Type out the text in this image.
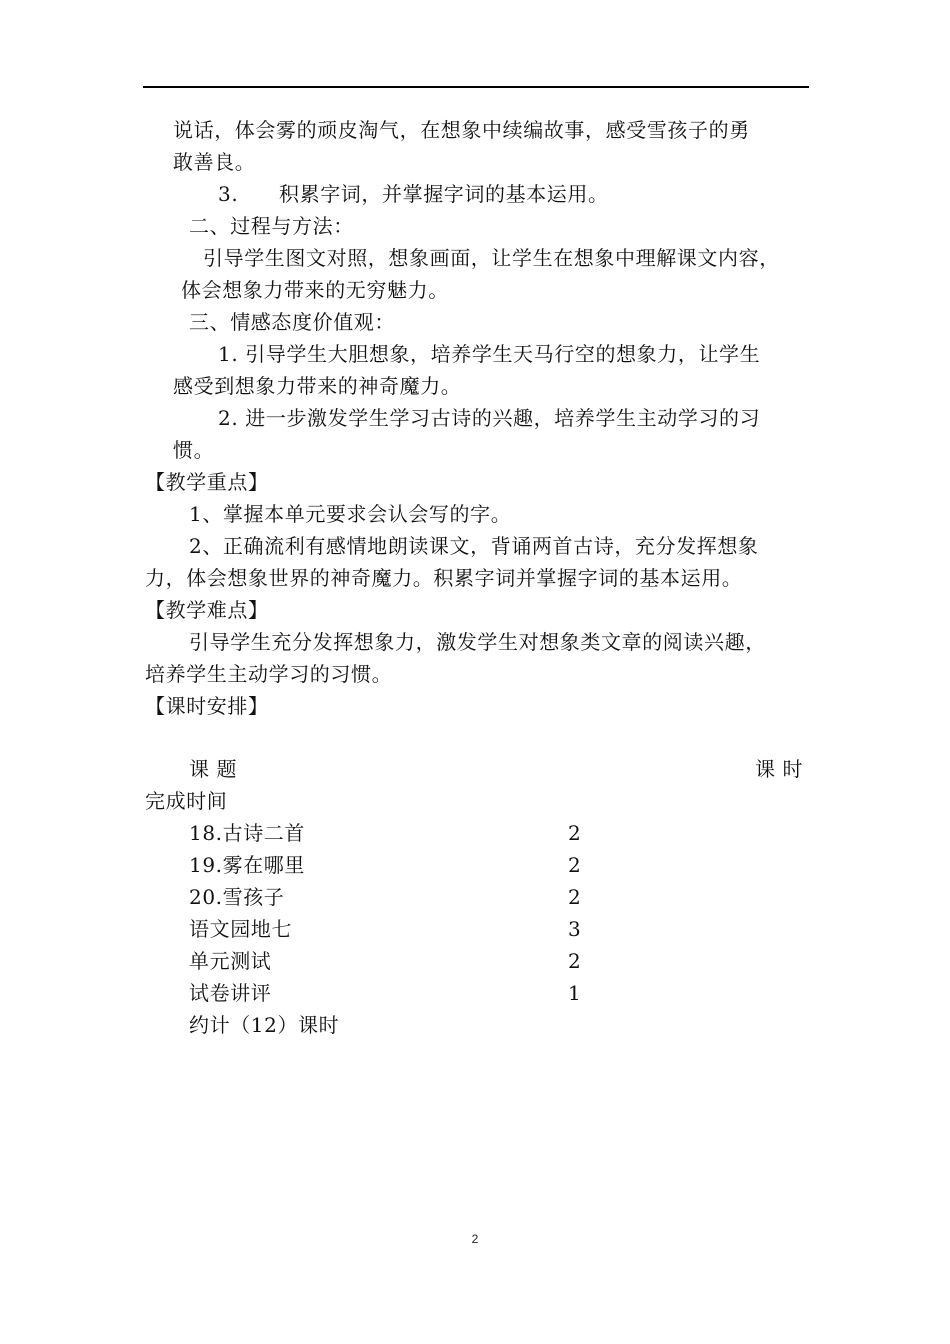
说话，体会雾的顽皮淘气，在想象中续编故事，感受雪孩子的勇
敢善良。
3. 积累字词，并掌握字词的基本运用。
二、过程与方法：
引导学生图文对照，想象画面，让学生在想象中理解课文内容，
体会想象力带来的无穷魅力。
三、情感态度价值观：
1. 引导学生大胆想象，培养学生天马行空的想象力，让学生
感受到想象力带来的神奇魔力。
2. 进一步激发学生学习古诗的兴趣，培养学生主动学习的习
惯。
【教学重点】
1、掌握本单元要求会认会写的字。
2、正确流利有感情地朗读课文，背诵两首古诗，充分发挥想象
力，体会想象世界的神奇魔力。积累字词并掌握字词的基本运用。
【教学难点】
引导学生充分发挥想象力，激发学生对想象类文章的阅读兴趣，
培养学生主动学习的习惯。
【课时安排】
课 题	课 时
完成时间
18.古诗二首	2
19.雾在哪里	2
20.雪孩子	2
语文园地七	3
单元测试	2
试卷讲评	1
约计（12）课时
2
